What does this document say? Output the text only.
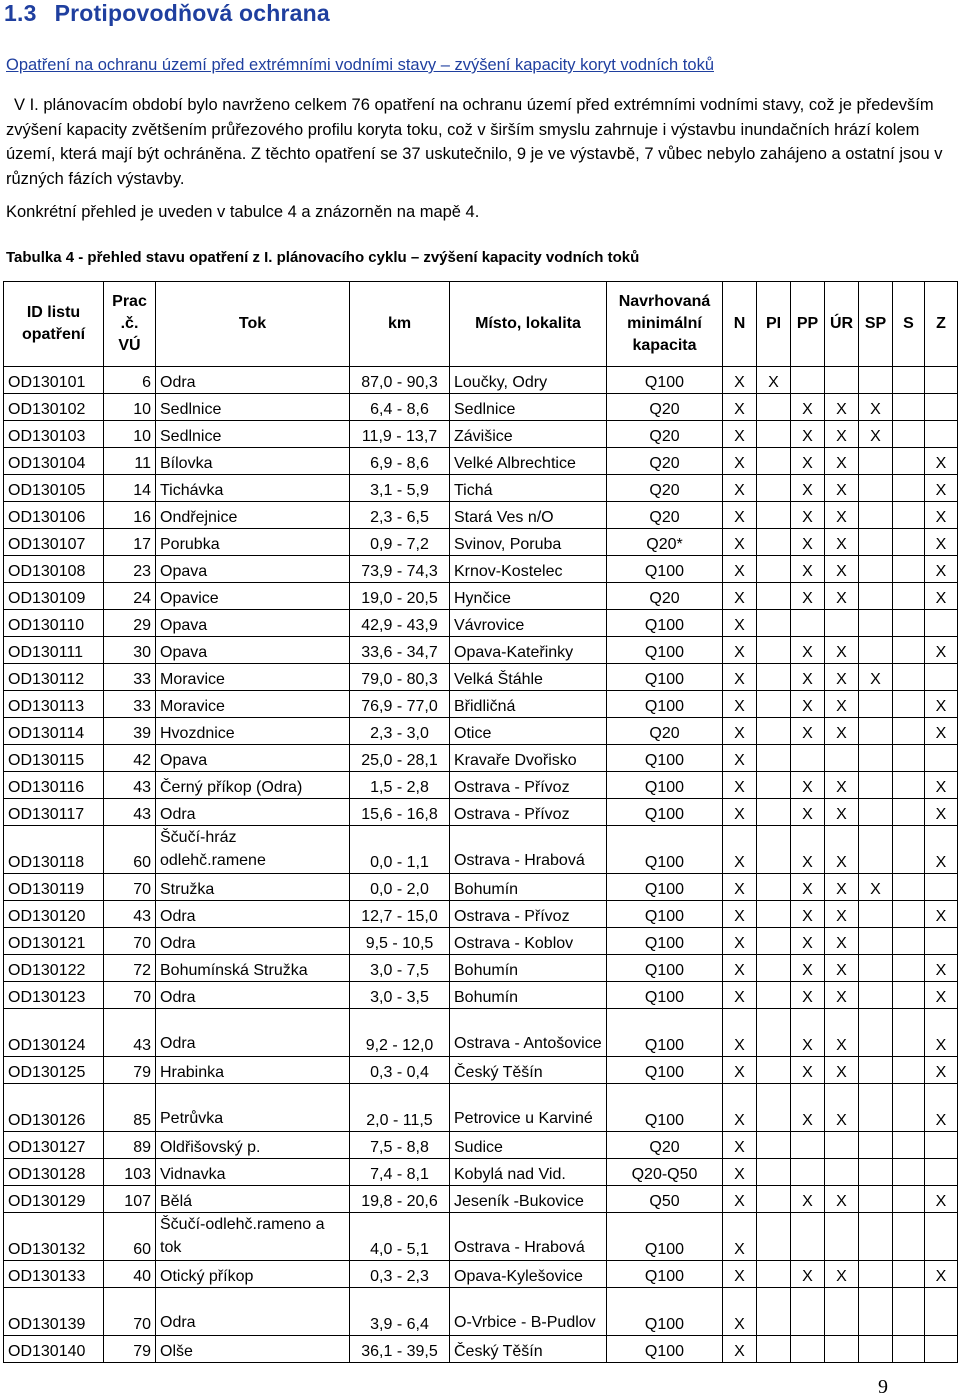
1.3 Protipovodňová ochrana
Opatření na ochranu území před extrémními vodními stavy – zvýšení kapacity koryt vodních toků
V I. plánovacím období bylo navrženo celkem 76 opatření na ochranu území před extrémními vodními stavy, což je především zvýšení kapacity zvětšením průřezového profilu koryta toku, což v širším smyslu zahrnuje i výstavbu inundačních hrází kolem území, která mají být ochráněna. Z těchto opatření se 37 uskutečnilo, 9 je ve výstavbě, 7 vůbec nebylo zahájeno a ostatní jsou v různých fázích výstavby.
Konkrétní přehled je uveden v tabulce 4 a znázorněn na mapě 4.
Tabulka 4 - přehled stavu opatření z I. plánovacího cyklu – zvýšení kapacity vodních toků
ID listu opatření	Prac .č. VÚ	Tok	km	Místo, lokalita	Navrhovaná minimální kapacita	N	PI	PP	ÚR	SP	S	Z
OD130101	6	Odra	87,0 - 90,3	Loučky, Odry	Q100	X	X					
OD130102	10	Sedlnice	6,4 - 8,6	Sedlnice	Q20	X		X	X	X		
OD130103	10	Sedlnice	11,9 - 13,7	Závišice	Q20	X		X	X	X		
OD130104	11	Bílovka	6,9 - 8,6	Velké Albrechtice	Q20	X		X	X			X
OD130105	14	Tichávka	3,1 - 5,9	Tichá	Q20	X		X	X			X
OD130106	16	Ondřejnice	2,3 - 6,5	Stará Ves n/O	Q20	X		X	X			X
OD130107	17	Porubka	0,9 - 7,2	Svinov, Poruba	Q20*	X		X	X			X
OD130108	23	Opava	73,9 - 74,3	Krnov-Kostelec	Q100	X		X	X			X
OD130109	24	Opavice	19,0 - 20,5	Hynčice	Q20	X		X	X			X
OD130110	29	Opava	42,9 - 43,9	Vávrovice	Q100	X						
OD130111	30	Opava	33,6 - 34,7	Opava-Kateřinky	Q100	X		X	X			X
OD130112	33	Moravice	79,0 - 80,3	Velká Štáhle	Q100	X		X	X	X		
OD130113	33	Moravice	76,9 - 77,0	Břidličná	Q100	X		X	X			X
OD130114	39	Hvozdnice	2,3 - 3,0	Otice	Q20	X		X	X			X
OD130115	42	Opava	25,0 - 28,1	Kravaře Dvořisko	Q100	X						
OD130116	43	Černý příkop (Odra)	1,5 - 2,8	Ostrava - Přívoz	Q100	X		X	X			X
OD130117	43	Odra	15,6 - 16,8	Ostrava - Přívoz	Q100	X		X	X			X
OD130118	60	Ščučí-hráz odlehč.ramene	0,0 - 1,1	Ostrava - Hrabová	Q100	X		X	X			X
OD130119	70	Stružka	0,0 - 2,0	Bohumín	Q100	X		X	X	X		
OD130120	43	Odra	12,7 - 15,0	Ostrava - Přívoz	Q100	X		X	X			X
OD130121	70	Odra	9,5 - 10,5	Ostrava - Koblov	Q100	X		X	X			
OD130122	72	Bohumínská Stružka	3,0 - 7,5	Bohumín	Q100	X		X	X			X
OD130123	70	Odra	3,0 - 3,5	Bohumín	Q100	X		X	X			X
OD130124	43	Odra	9,2 - 12,0	Ostrava - Antošovice	Q100	X		X	X			X
OD130125	79	Hrabinka	0,3 - 0,4	Český Těšín	Q100	X		X	X			X
OD130126	85	Petrůvka	2,0 - 11,5	Petrovice u Karviné	Q100	X		X	X			X
OD130127	89	Oldřišovský p.	7,5 - 8,8	Sudice	Q20	X						
OD130128	103	Vidnavka	7,4 - 8,1	Kobylá nad Vid.	Q20-Q50	X						
OD130129	107	Bělá	19,8 - 20,6	Jeseník -Bukovice	Q50	X		X	X			X
OD130132	60	Ščučí-odlehč.rameno a tok	4,0 - 5,1	Ostrava - Hrabová	Q100	X						
OD130133	40	Otický příkop	0,3 - 2,3	Opava-Kylešovice	Q100	X		X	X			X
OD130139	70	Odra	3,9 - 6,4	O-Vrbice - B-Pudlov	Q100	X						
OD130140	79	Olše	36,1 - 39,5	Český Těšín	Q100	X						
9
